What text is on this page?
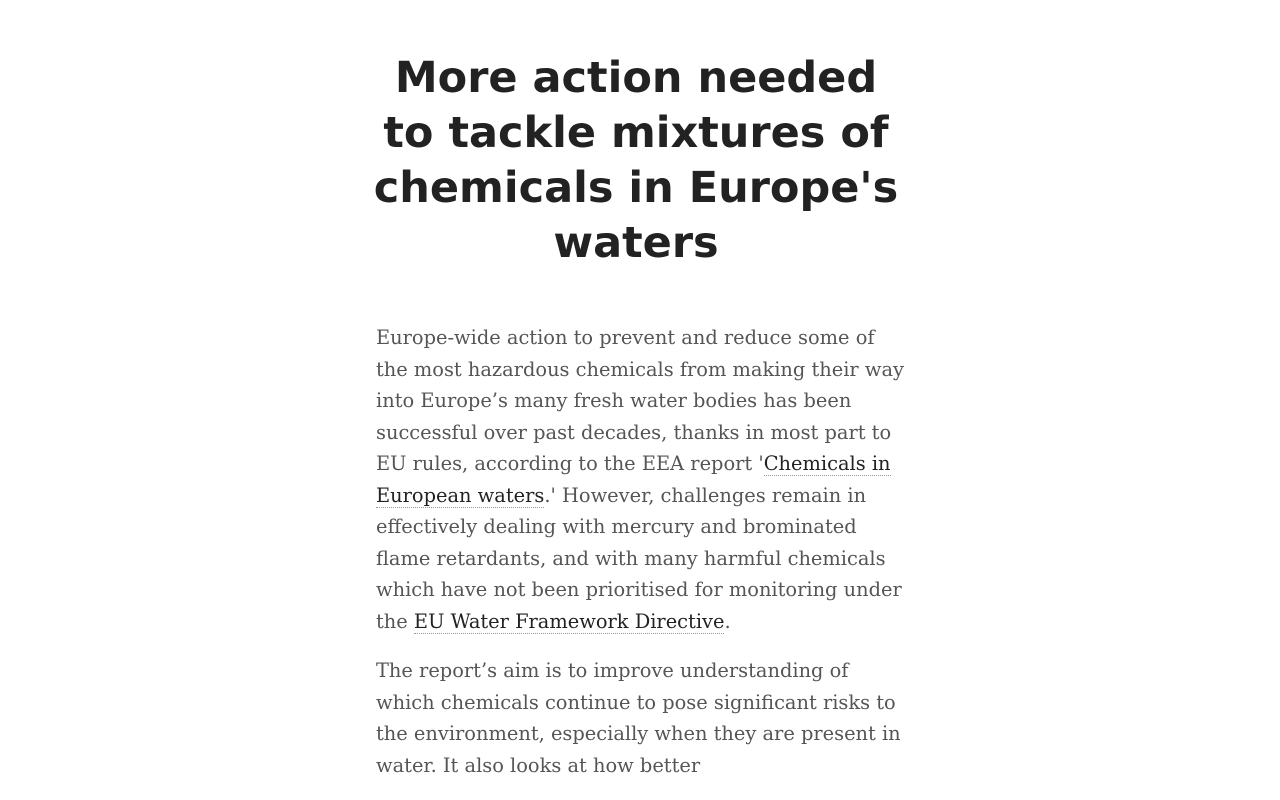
More action needed to tackle mixtures of chemicals in Europe's waters

Europe-wide action to prevent and reduce some of the most hazardous chemicals from making their way into Europe’s many fresh water bodies has been successful over past decades, thanks in most part to EU rules, according to the EEA report 'Chemicals in European waters.' However, challenges remain in effectively dealing with mercury and brominated flame retardants, and with many harmful chemicals which have not been prioritised for monitoring under the EU Water Framework Directive.

The report’s aim is to improve understanding of which chemicals continue to pose significant risks to the environment, especially when they are present in water. It also looks at how better
